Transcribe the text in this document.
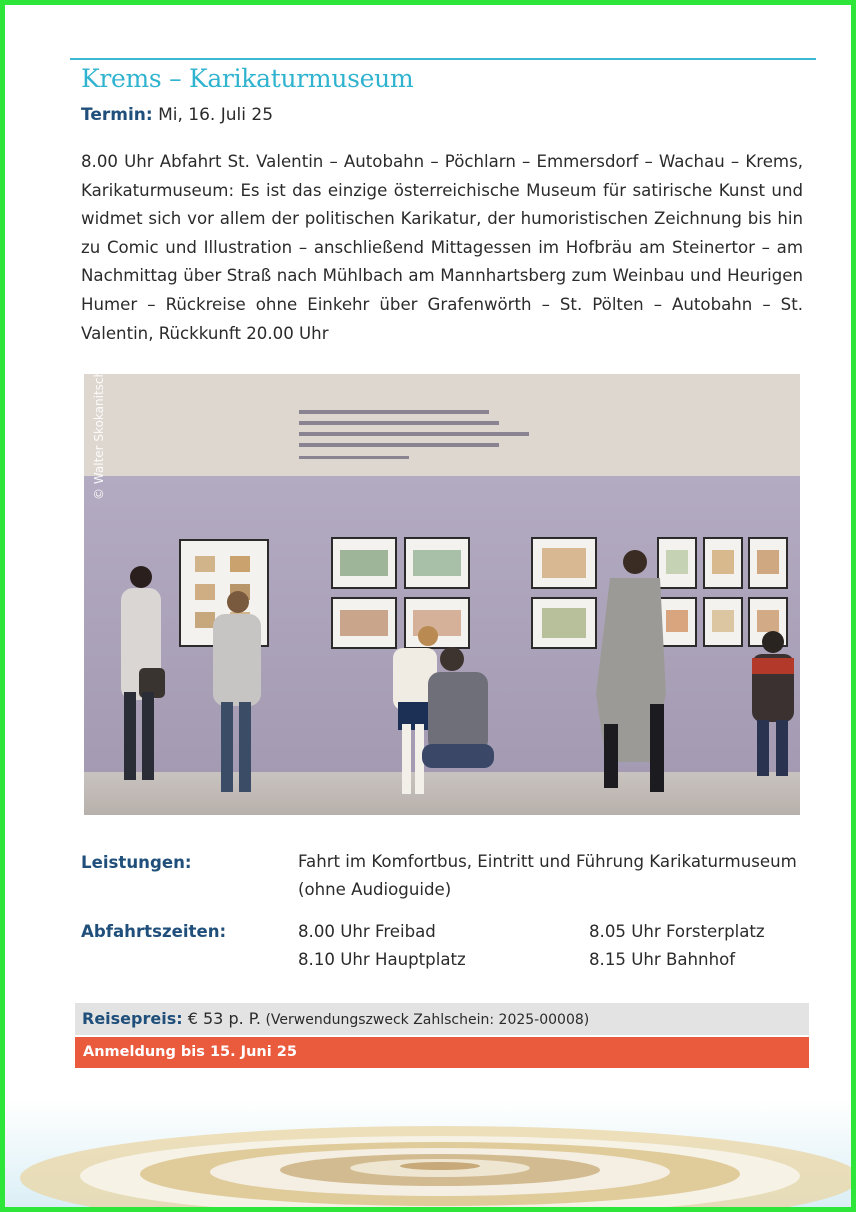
Krems – Karikaturmuseum
Termin: Mi, 16. Juli 25
8.00 Uhr Abfahrt St. Valentin – Autobahn – Pöchlarn – Emmersdorf – Wachau – Krems, Karikaturmuseum: Es ist das einzige österreichische Museum für satirische Kunst und widmet sich vor allem der politischen Karikatur, der humoristischen Zeichnung bis hin zu Comic und Illustration – anschließend Mittagessen im Hofbräu am Steinertor – am Nachmittag über Straß nach Mühlbach am Mannhartsberg zum Weinbau und Heurigen Humer – Rückreise ohne Einkehr über Grafenwörth – St. Pölten – Autobahn – St. Valentin, Rückkunft 20.00 Uhr
© Walter Skokanitsch
Leistungen:	Fahrt im Komfortbus, Eintritt und Führung Karikaturmuseum (ohne Audioguide)
Abfahrtszeiten:	8.00 Uhr Freibad	8.05 Uhr Forsterplatz
8.10 Uhr Hauptplatz	8.15 Uhr Bahnhof
Reisepreis: € 53 p. P. (Verwendungszweck Zahlschein: 2025-00008)
Anmeldung bis 15. Juni 25
